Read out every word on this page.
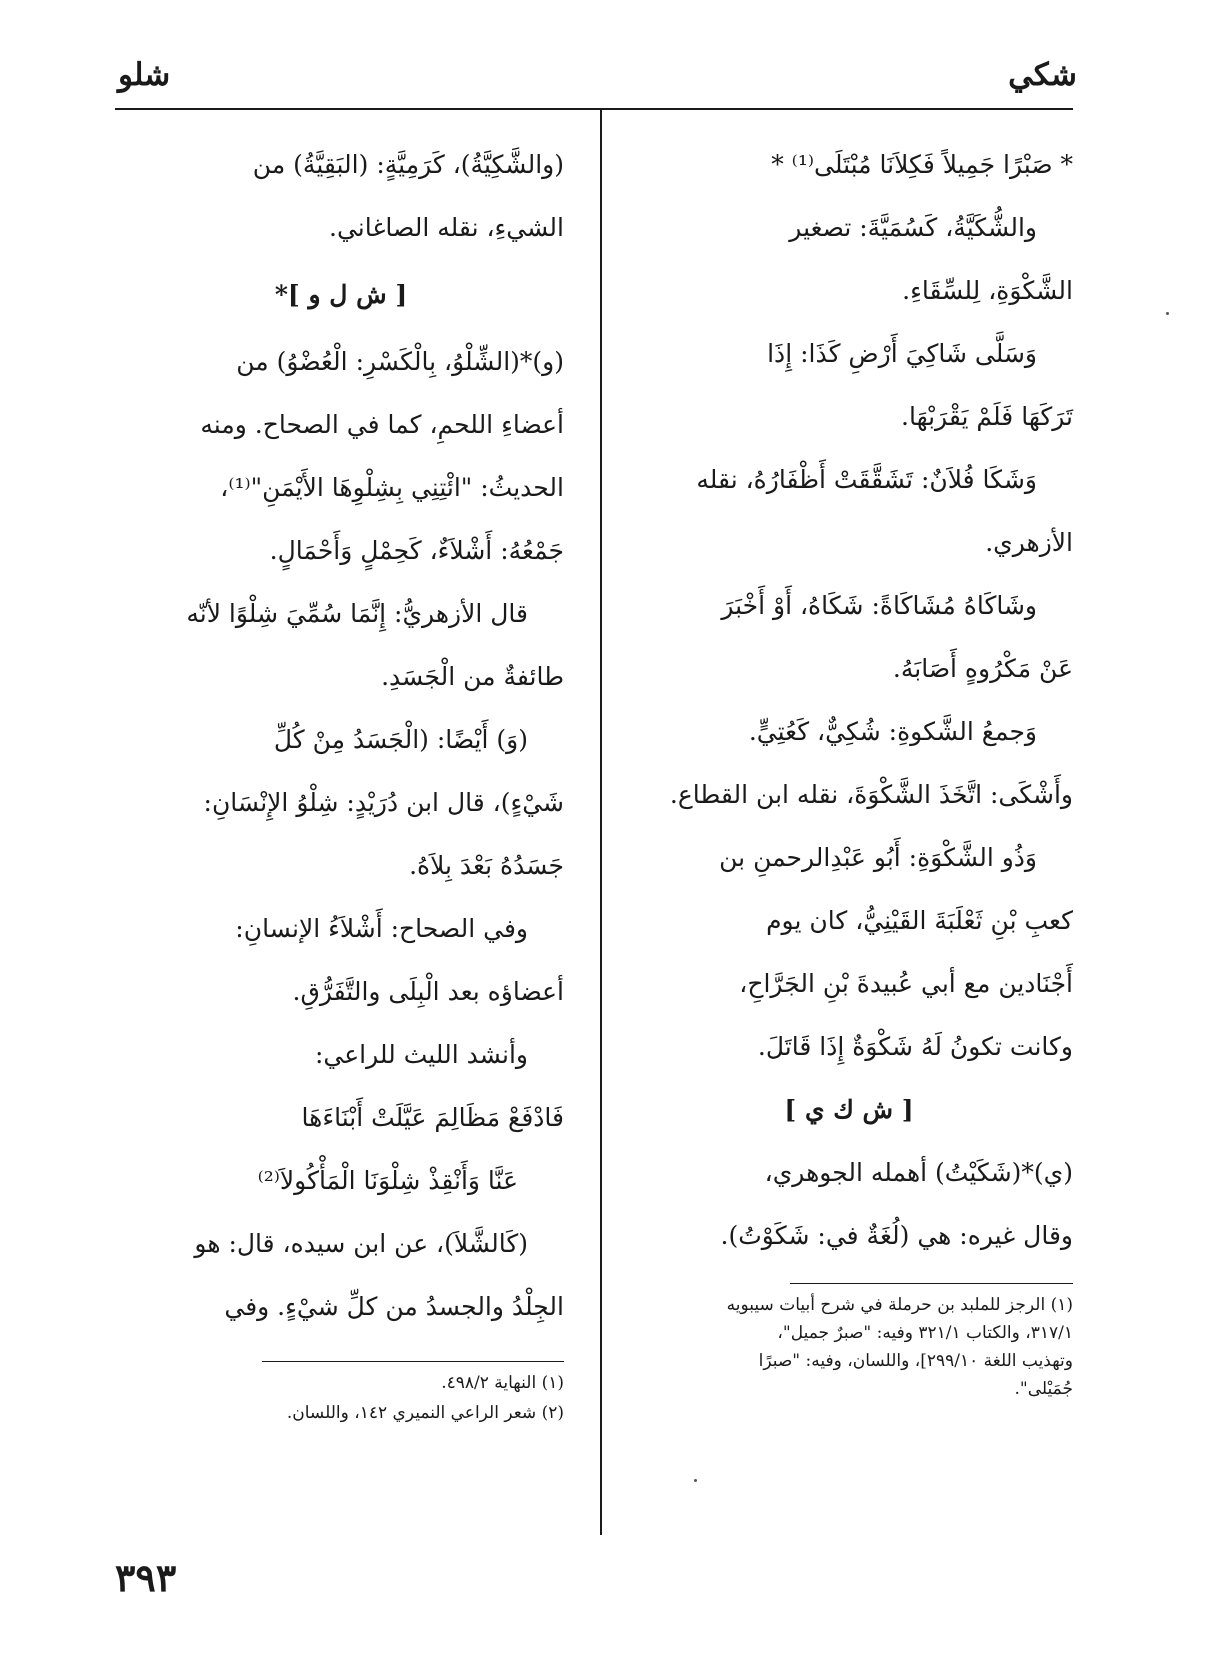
شكي
شلو

* صَبْرًا جَمِيلاً فَكِلاَنَا مُبْتَلَى⁽¹⁾ *

والشُّكَيَّةُ، كَسُمَيَّةَ: تصغير

الشَّكْوَةِ، لِلسِّقَاءِ.

وَسَلَّى شَاكِيَ أَرْضِ كَذَا: إِذَا

تَرَكَهَا فَلَمْ يَقْرَبْهَا.

وَشَكَا فُلاَنٌ: تَشَقَّقَتْ أَظْفَارُهُ، نقله

الأزهري.

وشَاكَاهُ مُشَاكَاةً: شَكَاهُ، أَوْ أَخْبَرَ

عَنْ مَكْرُوهٍ أَصَابَهُ.

وَجمعُ الشَّكوةِ: شُكِيٌّ، كَعُتِيٍّ.

وأَشْكَى: اتَّخَذَ الشَّكْوَةَ، نقله ابن القطاع.

وَذُو الشَّكْوَةِ: أَبُو عَبْدِالرحمنِ بن

كعبِ بْنِ ثَعْلَبَةَ القَيْنِيُّ، كان يوم

أَجْنَادين مع أبي عُبيدةَ بْنِ الجَرَّاحِ،

وكانت تكونُ لَهُ شَكْوَةٌ إِذَا قَاتَلَ.

[ ش ك ي ]

(ي)*(شَكَيْتُ) أهمله الجوهري،

وقال غيره: هي (لُغَةٌ في: شَكَوْتُ).

(١) الرجز للملبد بن حرملة في شرح أبيات سيبويه
٣١٧/١، والكتاب ٣٢١/١ وفيه: "صبرٌ جميل"،
وتهذيب اللغة ٢٩٩/١٠]، واللسان، وفيه: "صبرًا
جُمَيْلى".

(والشَّكِيَّةُ)، كَرَمِيَّةٍ: (البَقِيَّةُ) من

الشيءِ، نقله الصاغاني.

[ ش ل و ]*

(و)*(الشِّلْوُ، بِالْكَسْرِ: الْعُضْوُ) من

أعضاءِ اللحمِ، كما في الصحاح. ومنه

الحديثُ: "ائْتِنِي بِشِلْوِهَا الأَيْمَنِ"⁽¹⁾،

جَمْعُهُ: أَشْلاَءٌ، كَحِمْلٍ وَأَحْمَالٍ.

قال الأزهريُّ: إِنَّمَا سُمِّيَ شِلْوًا لأنّه

طائفةٌ من الْجَسَدِ.

(وَ) أَيْضًا: (الْجَسَدُ مِنْ كُلِّ

شَيْءٍ)، قال ابن دُرَيْدٍ: شِلْوُ الإِنْسَانِ:

جَسَدُهُ بَعْدَ بِلاَهُ.

وفي الصحاح: أَشْلاَءُ الإنسانِ:

أعضاؤه بعد الْبِلَى والتَّفَرُّقِ.

وأنشد الليث للراعي:

فَادْفَعْ مَظَالِمَ عَيَّلَتْ أَبْنَاءَهَا

عَنَّا وَأَنْقِذْ شِلْوَنَا الْمَأْكُولاَ⁽²⁾

(كَالشَّلاَ)، عن ابن سيده، قال: هو

الجِلْدُ والجسدُ من كلِّ شيْءٍ. وفي

(١) النهاية ٤٩٨/٢.
(٢) شعر الراعي النميري ١٤٢، واللسان.
٣٩٣
